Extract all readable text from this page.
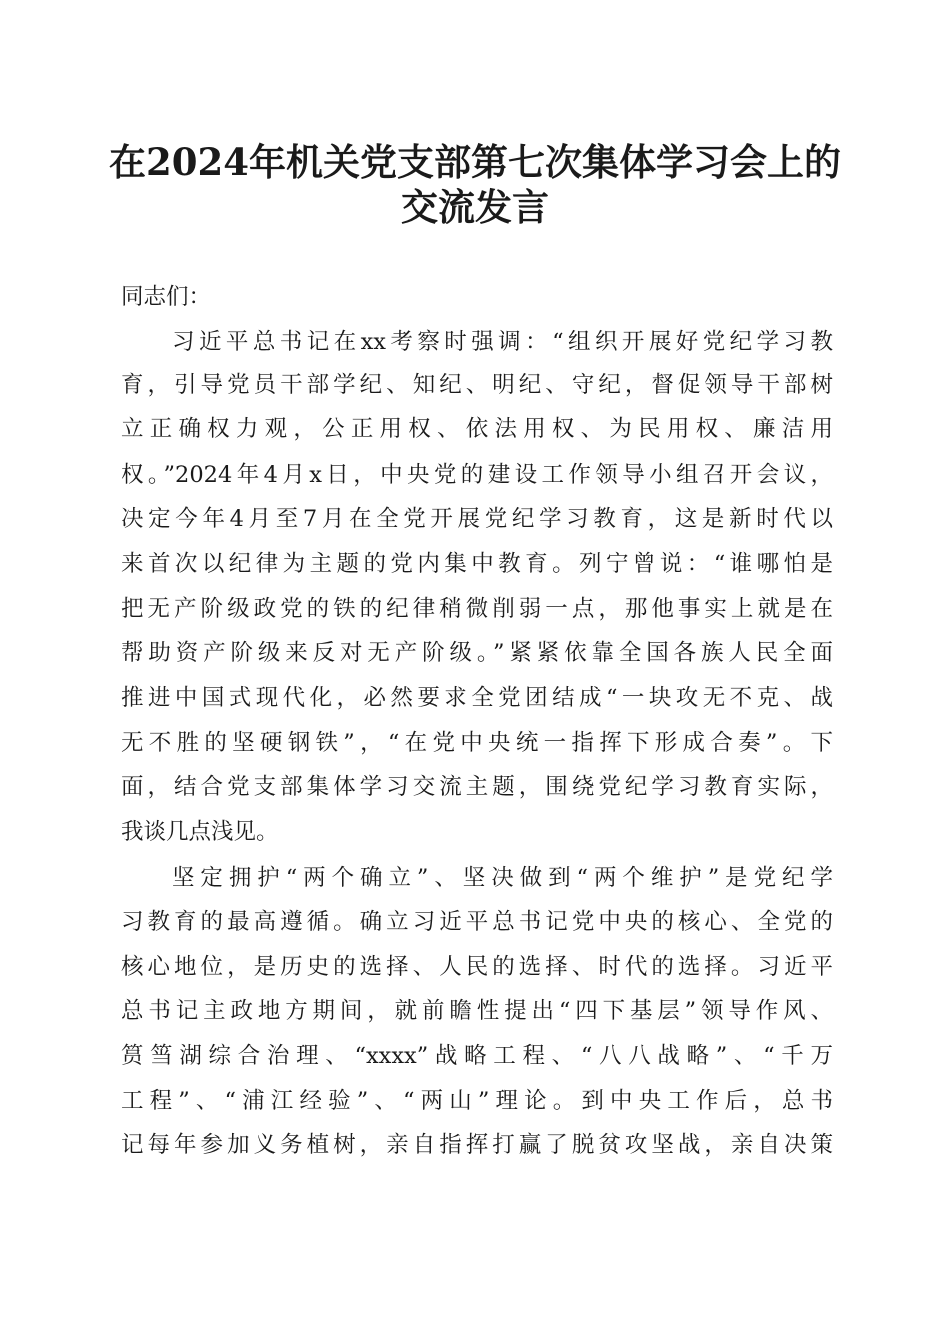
在2024年机关党支部第七次集体学习会上的
交流发言

同志们：

习近平总书记在xx考察时强调：“组织开展好党纪学习教

育，引导党员干部学纪、知纪、明纪、守纪，督促领导干部树

立正确权力观，公正用权、依法用权、为民用权、廉洁用

权。”2024年4月x日，中央党的建设工作领导小组召开会议，

决定今年4月至7月在全党开展党纪学习教育，这是新时代以

来首次以纪律为主题的党内集中教育。列宁曾说：“谁哪怕是

把无产阶级政党的铁的纪律稍微削弱一点，那他事实上就是在

帮助资产阶级来反对无产阶级。”紧紧依靠全国各族人民全面

推进中国式现代化，必然要求全党团结成“一块攻无不克、战

无不胜的坚硬钢铁”，“在党中央统一指挥下形成合奏”。下

面，结合党支部集体学习交流主题，围绕党纪学习教育实际，

我谈几点浅见。

坚定拥护“两个确立”、坚决做到“两个维护”是党纪学

习教育的最高遵循。确立习近平总书记党中央的核心、全党的

核心地位，是历史的选择、人民的选择、时代的选择。习近平

总书记主政地方期间，就前瞻性提出“四下基层”领导作风、

筼筜湖综合治理、“xxxx”战略工程、“八八战略”、“千万

工程”、“浦江经验”、“两山”理论。到中央工作后，总书

记每年参加义务植树，亲自指挥打赢了脱贫攻坚战，亲自决策
